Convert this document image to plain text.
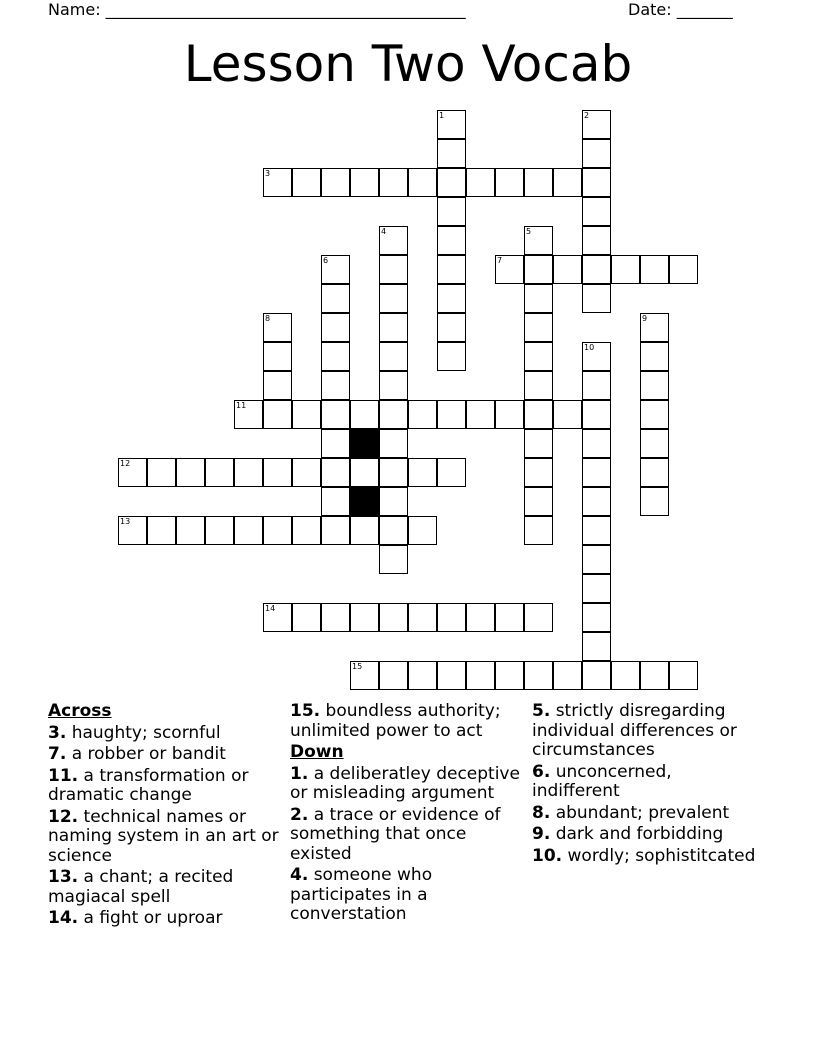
Name: _____________________________________________	Date: _______
Lesson Two Vocab
3
7
11
12
13
14
15
1	2
4	5
6
8	9
10
Across
3. haughty; scornful
7. a robber or bandit
11. a transformation or dramatic change
12. technical names or naming system in an art or science
13. a chant; a recited magiacal spell
14. a fight or uproar
15. boundless authority; unlimited power to act
Down
1. a deliberatley deceptive or misleading argument
2. a trace or evidence of something that once existed
4. someone who participates in a converstation
5. strictly disregarding individual differences or circumstances
6. unconcerned, indifferent
8. abundant; prevalent
9. dark and forbidding
10. wordly; sophistitcated
